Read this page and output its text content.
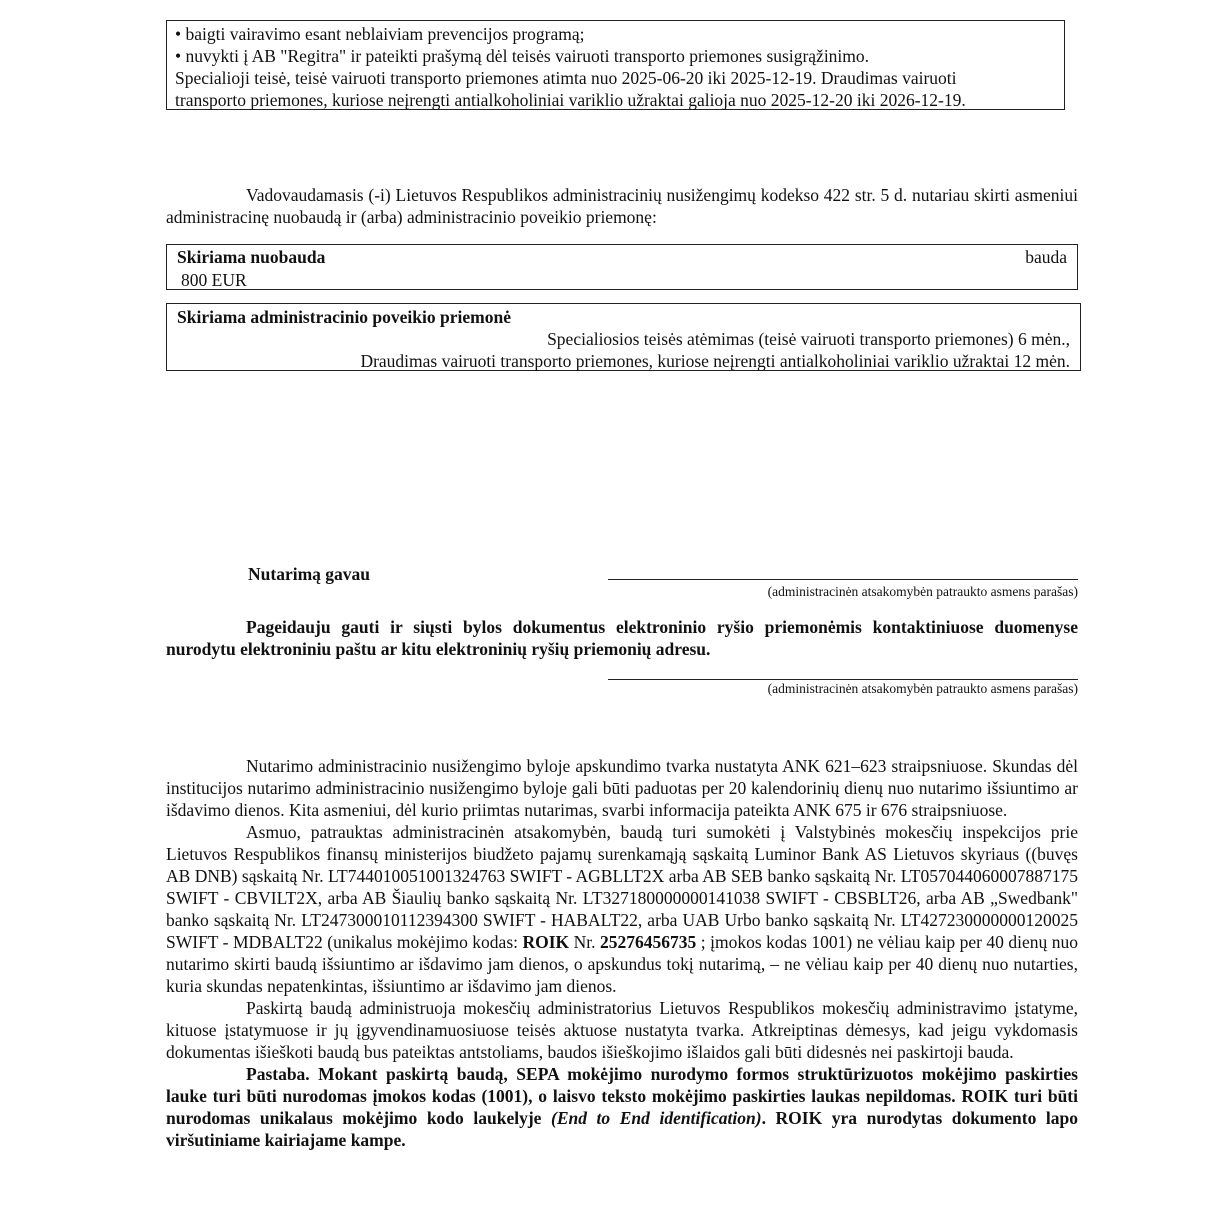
• baigti vairavimo esant neblaiviam prevencijos programą;
• nuvykti į AB "Regitra" ir pateikti prašymą dėl teisės vairuoti transporto priemones susigrąžinimo.
Specialioji teisė, teisė vairuoti transporto priemones atimta nuo 2025-06-20 iki 2025-12-19. Draudimas vairuoti
transporto priemones, kuriose neįrengti antialkoholiniai variklio užraktai galioja nuo 2025-12-20 iki 2026-12-19.

Vadovaudamasis (-i) Lietuvos Respublikos administracinių nusižengimų kodekso 422 str. 5 d. nutariau skirti asmeniui administracinę nuobaudą ir (arba) administracinio poveikio priemonę:

Skiriama nuobauda	bauda
800 EUR
Skiriama administracinio poveikio priemonė
Specialiosios teisės atėmimas (teisė vairuoti transporto priemones) 6 mėn.,
Draudimas vairuoti transporto priemones, kuriose neįrengti antialkoholiniai variklio užraktai 12 mėn.
Nutarimą gavau
(administracinėn atsakomybėn patraukto asmens parašas)

Pageidauju gauti ir siųsti bylos dokumentus elektroninio ryšio priemonėmis kontaktiniuose duomenyse nurodytu elektroniniu paštu ar kitu elektroninių ryšių priemonių adresu.

(administracinėn atsakomybėn patraukto asmens parašas)

Nutarimo administracinio nusižengimo byloje apskundimo tvarka nustatyta ANK 621–623 straipsniuose. Skundas dėl institucijos nutarimo administracinio nusižengimo byloje gali būti paduotas per 20 kalendorinių dienų nuo nutarimo išsiuntimo ar išdavimo dienos. Kita asmeniui, dėl kurio priimtas nutarimas, svarbi informacija pateikta ANK 675 ir 676 straipsniuose.

Asmuo, patrauktas administracinėn atsakomybėn, baudą turi sumokėti į Valstybinės mokesčių inspekcijos prie Lietuvos Respublikos finansų ministerijos biudžeto pajamų surenkamąją sąskaitą Luminor Bank AS Lietuvos skyriaus ((buvęs AB DNB) sąskaitą Nr. LT744010051001324763 SWIFT - AGBLLT2X arba AB SEB banko sąskaitą Nr. LT057044060007887175 SWIFT - CBVILT2X, arba AB Šiaulių banko sąskaitą Nr. LT327180000000141038 SWIFT - CBSBLT26, arba AB „Swedbank" banko sąskaitą Nr. LT247300010112394300 SWIFT - HABALT22, arba UAB Urbo banko sąskaitą Nr. LT427230000000120025 SWIFT - MDBALT22 (unikalus mokėjimo kodas: ROIK Nr. 25276456735 ; įmokos kodas 1001) ne vėliau kaip per 40 dienų nuo nutarimo skirti baudą išsiuntimo ar išdavimo jam dienos, o apskundus tokį nutarimą, – ne vėliau kaip per 40 dienų nuo nutarties, kuria skundas nepatenkintas, išsiuntimo ar išdavimo jam dienos.

Paskirtą baudą administruoja mokesčių administratorius Lietuvos Respublikos mokesčių administravimo įstatyme, kituose įstatymuose ir jų įgyvendinamuosiuose teisės aktuose nustatyta tvarka. Atkreiptinas dėmesys, kad jeigu vykdomasis dokumentas išieškoti baudą bus pateiktas antstoliams, baudos išieškojimo išlaidos gali būti didesnės nei paskirtoji bauda.

Pastaba. Mokant paskirtą baudą, SEPA mokėjimo nurodymo formos struktūrizuotos mokėjimo paskirties lauke turi būti nurodomas įmokos kodas (1001), o laisvo teksto mokėjimo paskirties laukas nepildomas. ROIK turi būti nurodomas unikalaus mokėjimo kodo laukelyje (End to End identification). ROIK yra nurodytas dokumento lapo viršutiniame kairiajame kampe.
